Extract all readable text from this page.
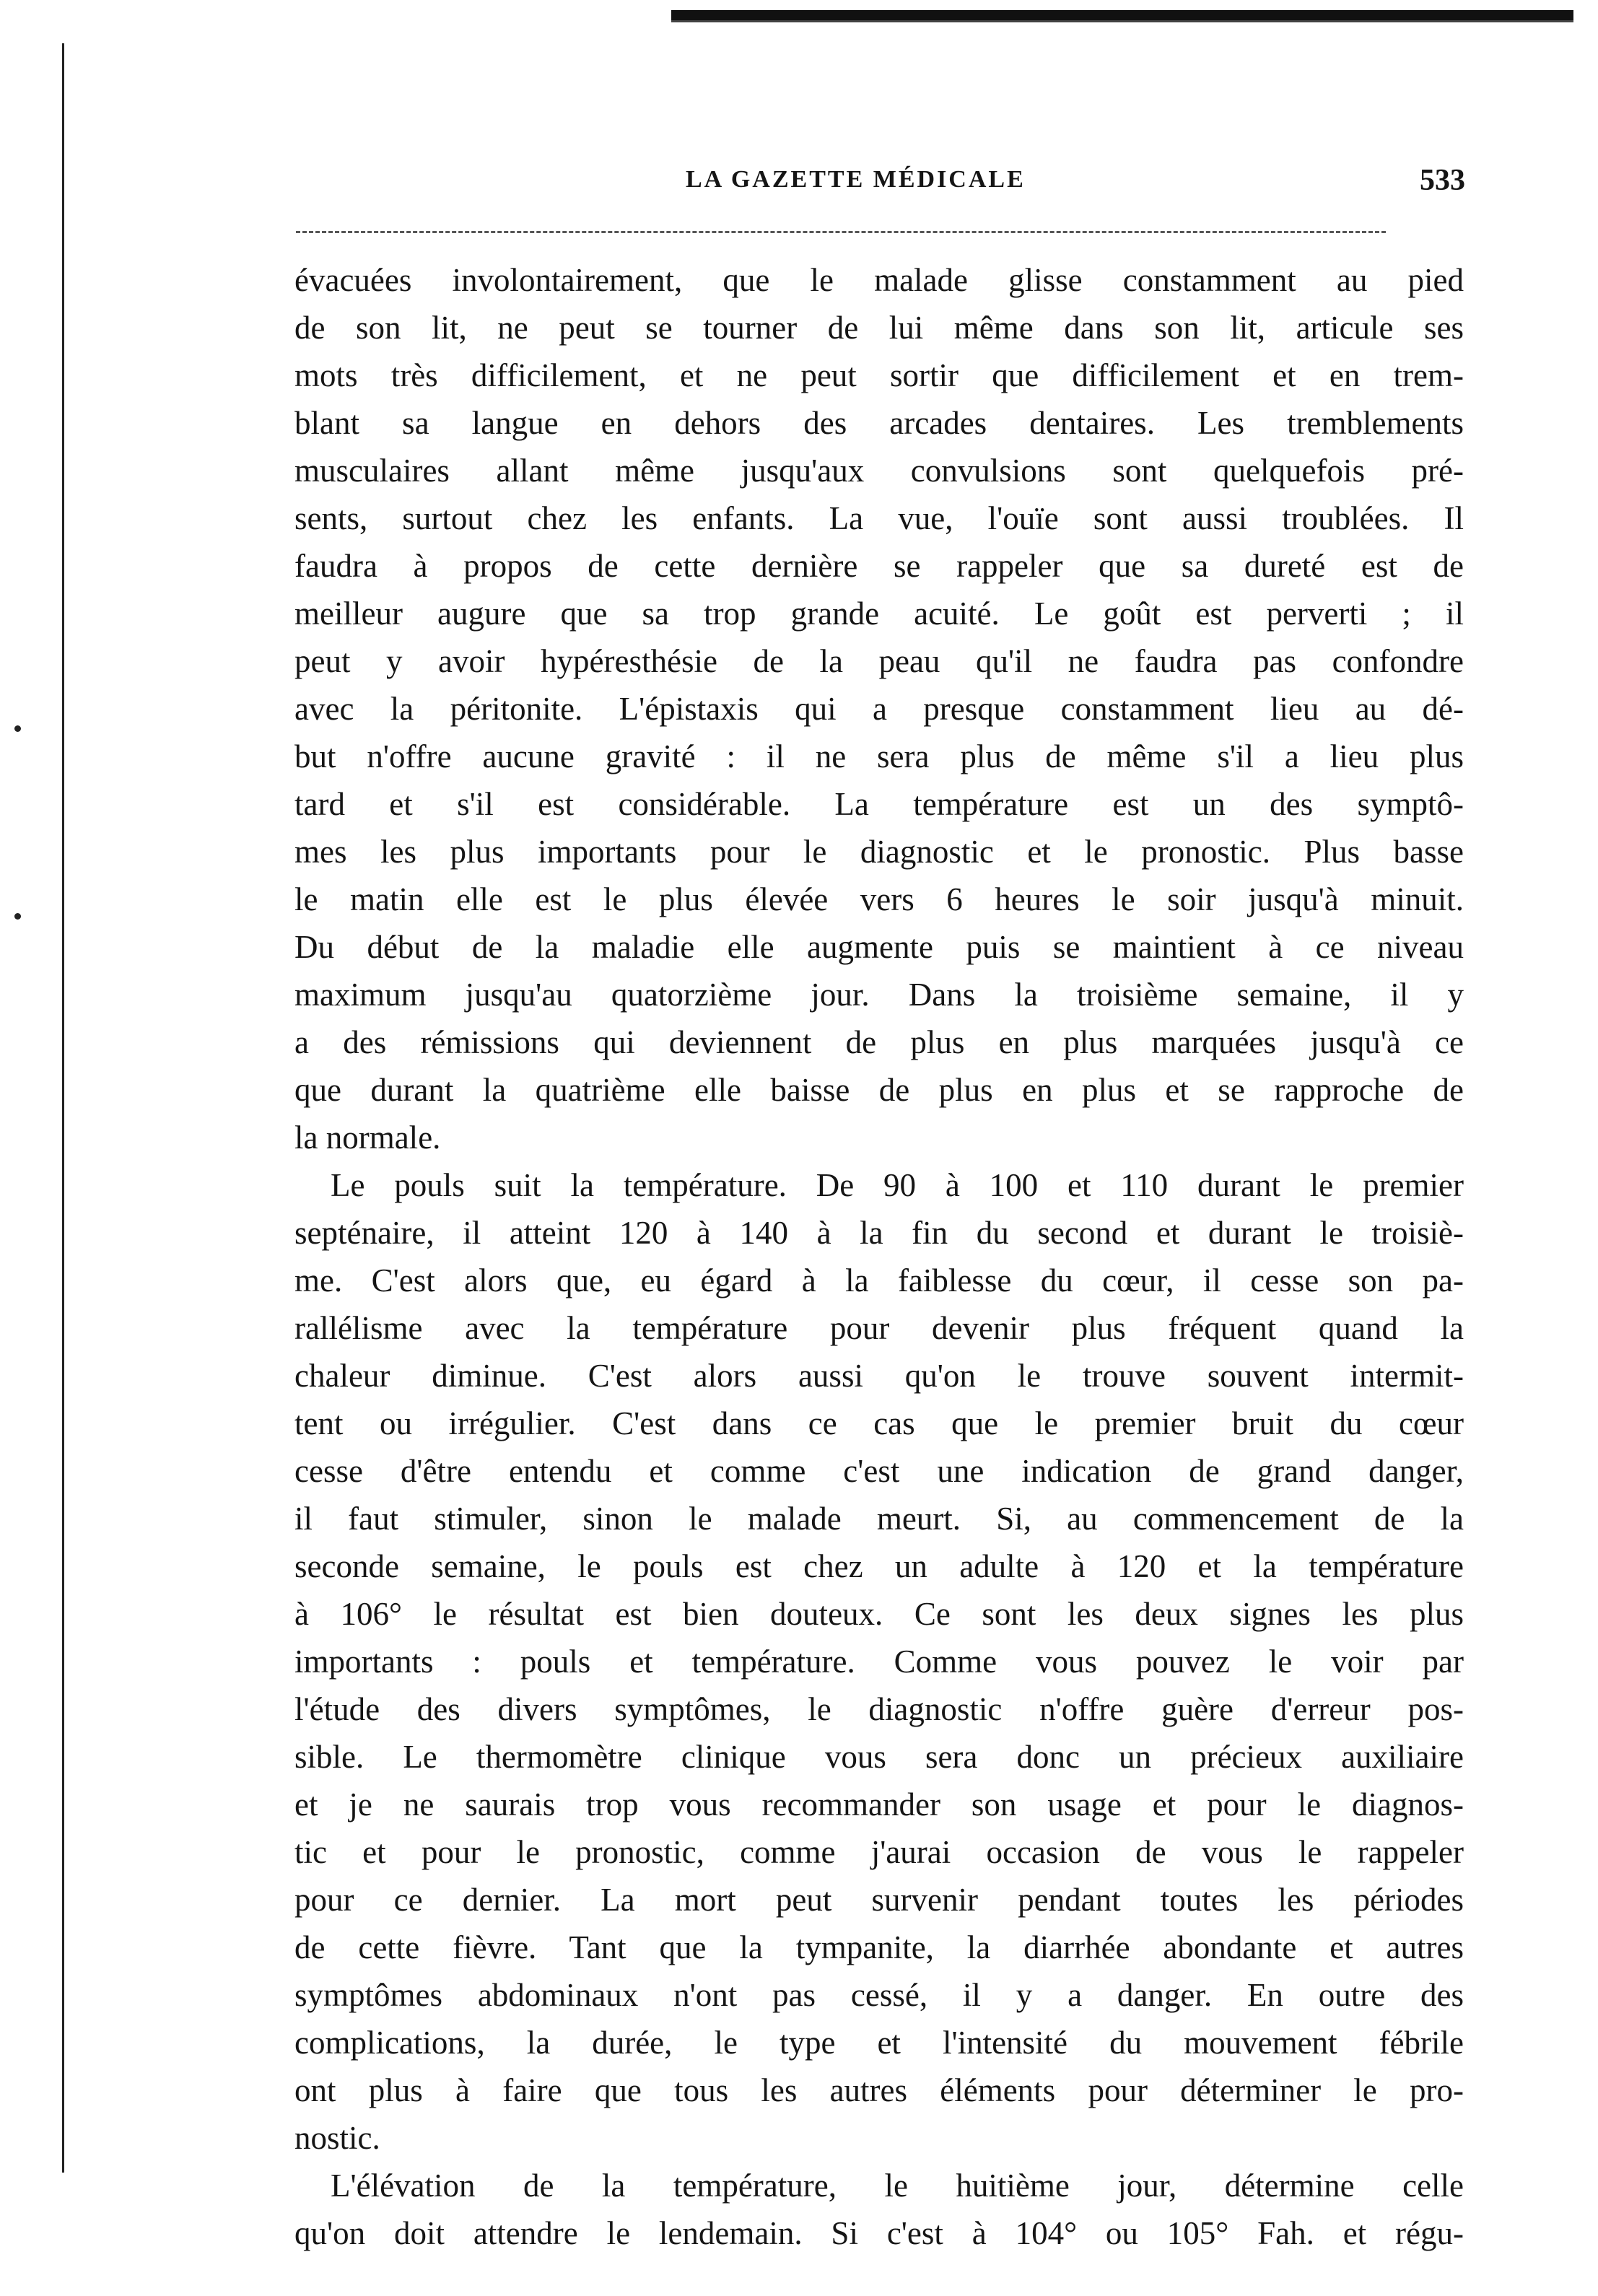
LA GAZETTE MÉDICALE	533
évacuées involontairement, que le malade glisse constamment au pied
de son lit, ne peut se tourner de lui même dans son lit, articule ses
mots très difficilement, et ne peut sortir que difficilement et en trem-
blant sa langue en dehors des arcades dentaires. Les tremblements
musculaires allant même jusqu'aux convulsions sont quelquefois pré-
sents, surtout chez les enfants. La vue, l'ouïe sont aussi troublées. Il
faudra à propos de cette dernière se rappeler que sa dureté est de
meilleur augure que sa trop grande acuité. Le goût est perverti ; il
peut y avoir hypéresthésie de la peau qu'il ne faudra pas confondre
avec la péritonite. L'épistaxis qui a presque constamment lieu au dé-
but n'offre aucune gravité : il ne sera plus de même s'il a lieu plus
tard et s'il est considérable. La température est un des symptô-
mes les plus importants pour le diagnostic et le pronostic. Plus basse
le matin elle est le plus élevée vers 6 heures le soir jusqu'à minuit.
Du début de la maladie elle augmente puis se maintient à ce niveau
maximum jusqu'au quatorzième jour. Dans la troisième semaine, il y
a des rémissions qui deviennent de plus en plus marquées jusqu'à ce
que durant la quatrième elle baisse de plus en plus et se rapproche de
la normale.
Le pouls suit la température. De 90 à 100 et 110 durant le premier
septénaire, il atteint 120 à 140 à la fin du second et durant le troisiè-
me. C'est alors que, eu égard à la faiblesse du cœur, il cesse son pa-
rallélisme avec la température pour devenir plus fréquent quand la
chaleur diminue. C'est alors aussi qu'on le trouve souvent intermit-
tent ou irrégulier. C'est dans ce cas que le premier bruit du cœur
cesse d'être entendu et comme c'est une indication de grand danger,
il faut stimuler, sinon le malade meurt. Si, au commencement de la
seconde semaine, le pouls est chez un adulte à 120 et la température
à 106° le résultat est bien douteux. Ce sont les deux signes les plus
importants : pouls et température. Comme vous pouvez le voir par
l'étude des divers symptômes, le diagnostic n'offre guère d'erreur pos-
sible. Le thermomètre clinique vous sera donc un précieux auxiliaire
et je ne saurais trop vous recommander son usage et pour le diagnos-
tic et pour le pronostic, comme j'aurai occasion de vous le rappeler
pour ce dernier. La mort peut survenir pendant toutes les périodes
de cette fièvre. Tant que la tympanite, la diarrhée abondante et autres
symptômes abdominaux n'ont pas cessé, il y a danger. En outre des
complications, la durée, le type et l'intensité du mouvement fébrile
ont plus à faire que tous les autres éléments pour déterminer le pro-
nostic.
L'élévation de la température, le huitième jour, détermine celle
qu'on doit attendre le lendemain. Si c'est à 104° ou 105° Fah. et régu-
